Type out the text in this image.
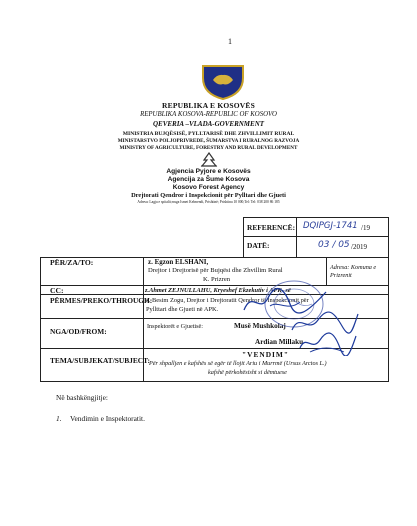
1
REPUBLIKA E KOSOVËS
REPUBLIKA KOSOVA-REPUBLIC OF KOSOVO
QEVERIA –VLADA-GOVERNMENT
MINISTRIA BUJQËSISË, PYLLTARISË DHE ZHVILLIMIT RURAL
MINISTARSTVO POLJOPRIVREDE, ŠUMARSTVA I RURALNOG RAZVOJA
MINISTRY OF AGRICULTURE, FORESTRY AND RURAL DEVELOPMENT
Agjencia Pyjore e Kosovës
Agencija za Šume Kosova
Kosovo Forest Agency
Drejtorati Qendror i Inspekcionit për Pylltari dhe Gjueti
Adresa: Lagja e spitalit;rruga Ismet Kelmendi, Prishtinë; Prishtina 10 000;Tel: Tel: 038 200 86 185
REFERENCË: DQIPGJ-1741 /19
DATË:	03 / 05 /2019
PËR/ZA/TO:	z. Egzon ELSHANI,
Drejtor i Drejtorisë për Bujqësi dhe Zhvillim Rural
K. Prizren
Adresa: Komuna e Prizrenit
CC:	z.Ahmet ZEJNULLAHU, Kryeshef Ekzekutiv i APK- së
PËRMES/PREKO/THROUGH:
z. Besim Zogu, Drejtor i Drejtoratit Qendror të Inspekcionit për
Pyllttari dhe Gjueti në APK.
NGA/OD/FROM:
Inspektorët e Gjuetisë:	Musë Mushkolaj
Ardian Millaku
TEMA/SUBJEKAT/SUBJECT:
"VENDIM"
Për shpalljen e kafshës së egër të llojit Ariu i Murrmë (Ursus Arctos L.)
kafshë përkohësisht si dëmtuese
Në bashkëngjitje:
1. Vendimin e Inspektoratit.
